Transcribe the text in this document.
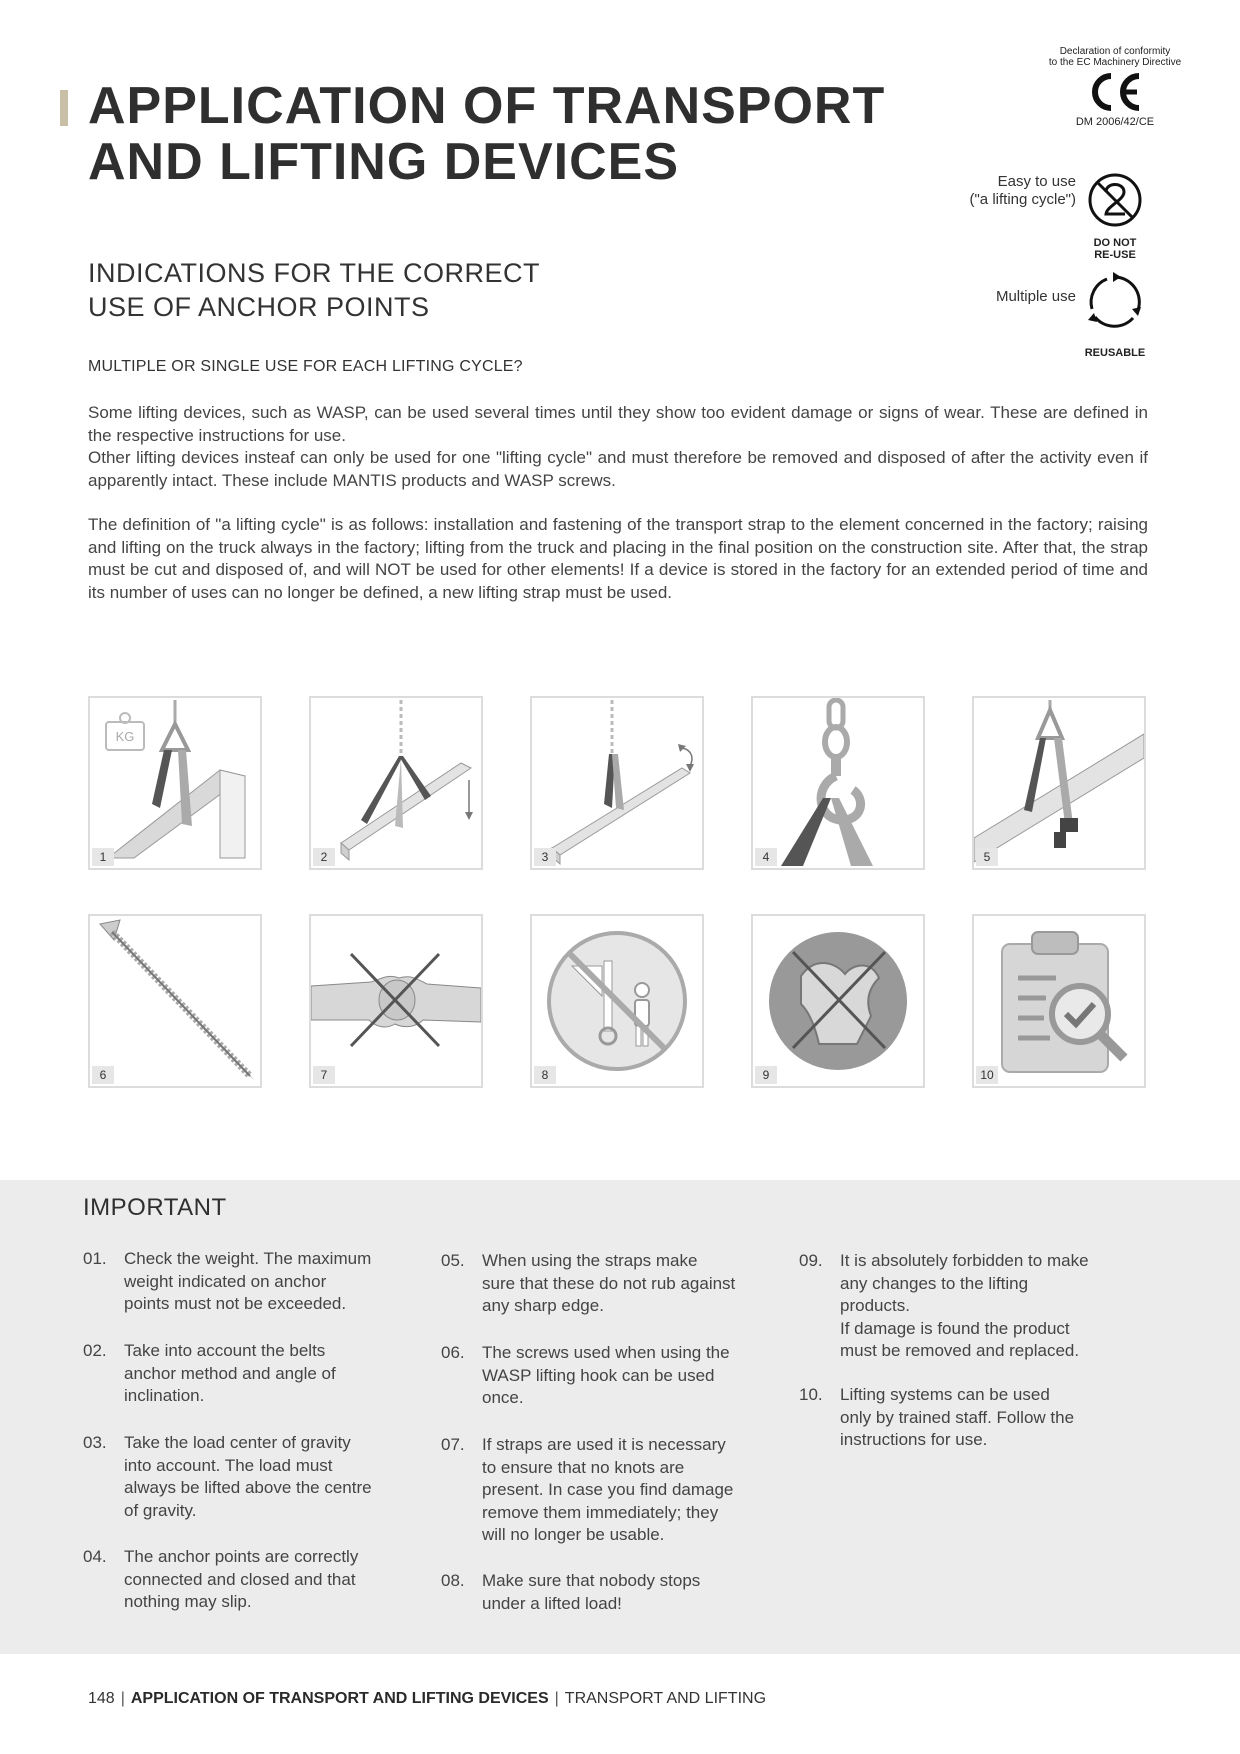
APPLICATION OF TRANSPORT
AND LIFTING DEVICES
Declaration of conformity
to the EC Machinery Directive
DM 2006/42/CE
Easy to use
("a lifting cycle")
DO NOT
RE-USE
Multiple use
REUSABLE
INDICATIONS FOR THE CORRECT
USE OF ANCHOR POINTS
MULTIPLE OR SINGLE USE FOR EACH LIFTING CYCLE?

Some lifting devices, such as WASP, can be used several times until they show too evident damage or signs of wear. These are defined in the respective instructions for use.

Other lifting devices insteaf can only be used for one "lifting cycle" and must therefore be removed and disposed of after the activity even if apparently intact. These include MANTIS products and WASP screws.

The definition of "a lifting cycle" is as follows: installation and fastening of the transport strap to the element concerned in the factory; raising and lifting on the truck always in the factory; lifting from the truck and placing in the final position on the construction site. After that, the strap must be cut and disposed of, and will NOT be used for other elements! If a device is stored in the factory for an extended period of time and its number of uses can no longer be defined, a new lifting strap must be used.

KG
1	2	3	4	5
6	7	8	9	10
IMPORTANT
01.	Check the weight. The maximum
weight indicated on anchor
points must not be exceeded.
02.	Take into account the belts
anchor method and angle of
inclination.
03.	Take the load center of gravity
into account. The load must
always be lifted above the centre
of gravity.
04.	The anchor points are correctly
connected and closed and that
nothing may slip.
05.	When using the straps make
sure that these do not rub against
any sharp edge.
06.	The screws used when using the
WASP lifting hook can be used
once.
07.	If straps are used it is necessary
to ensure that no knots are
present. In case you find damage
remove them immediately; they
will no longer be usable.
08.	Make sure that nobody stops
under a lifted load!
09.	It is absolutely forbidden to make
any changes to the lifting
products.
If damage is found the product
must be removed and replaced.
10.	Lifting systems can be used
only by trained staff. Follow the
instructions for use.
148 | APPLICATION OF TRANSPORT AND LIFTING DEVICES | TRANSPORT AND LIFTING
